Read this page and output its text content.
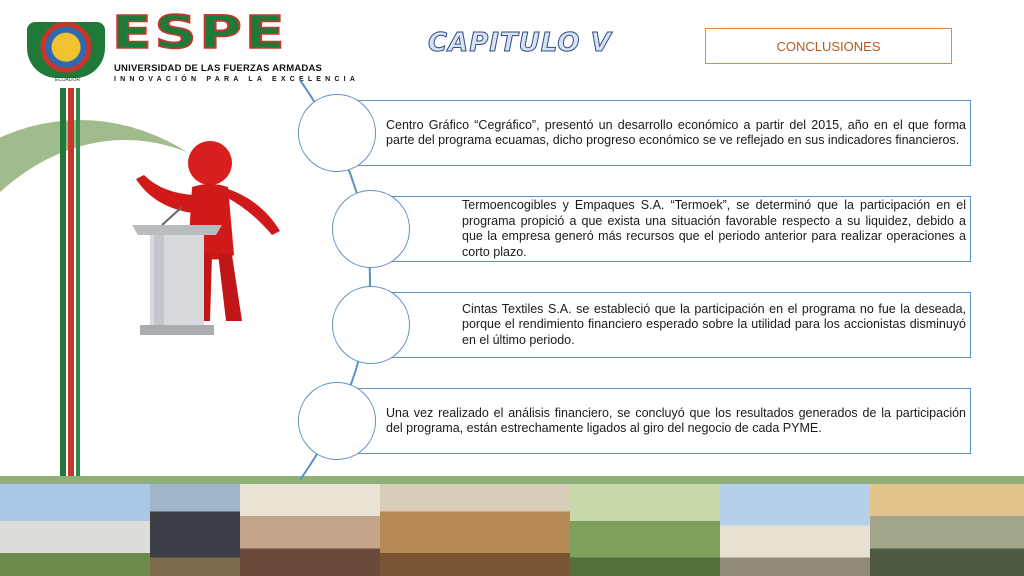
ECUADOR
ESPE
UNIVERSIDAD DE LAS FUERZAS ARMADAS
INNOVACIÓN PARA LA EXCELENCIA
CAPITULO V	CONCLUSIONES
Centro Gráfico “Cegráfico”, presentó un desarrollo económico a partir del 2015, año en el que forma parte del programa ecuamas, dicho progreso económico se ve reflejado en sus indicadores financieros.
Termoencogibles y Empaques S.A. “Termoek”, se determinó que la participación en el programa propició a que exista una situación favorable respecto a su liquidez, debido a que la empresa generó más recursos que el periodo anterior para realizar operaciones a corto plazo.
Cintas Textiles S.A. se estableció que la participación en el programa no fue la deseada, porque el rendimiento financiero esperado sobre la utilidad para los accionistas disminuyó en el último periodo.
Una vez realizado el análisis financiero, se concluyó que los resultados generados de la participación del programa, están estrechamente ligados al giro del negocio de cada PYME.
